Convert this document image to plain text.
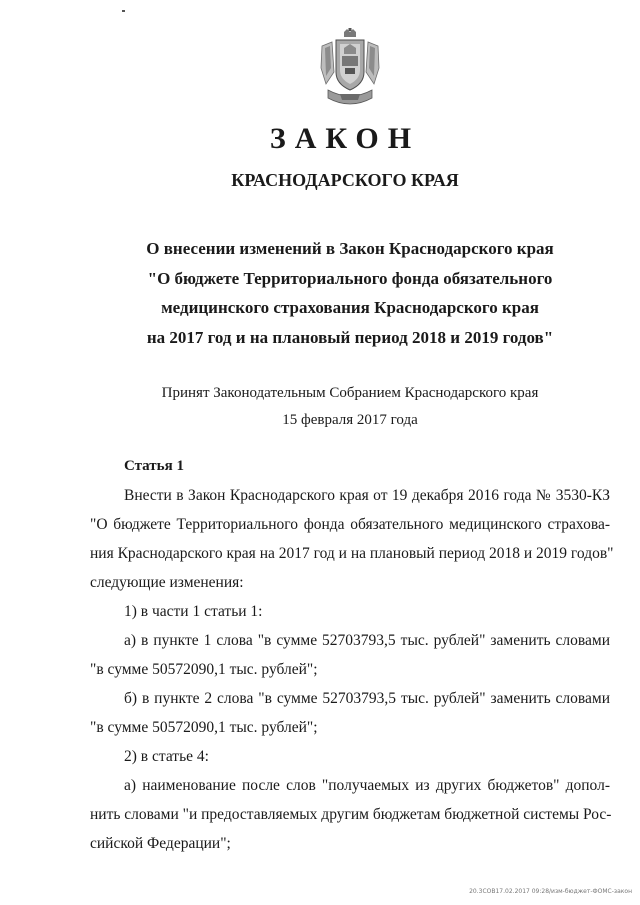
ЗАКОН
КРАСНОДАРСКОГО КРАЯ
О внесении изменений в Закон Краснодарского края
"О бюджете Территориального фонда обязательного
медицинского страхования Краснодарского края
на 2017 год и на плановый период 2018 и 2019 годов"
Принят Законодательным Собранием Краснодарского края
15 февраля 2017 года
Статья 1
Внести в Закон Краснодарского края от 19 декабря 2016 года № 3530-КЗ
"О бюджете Территориального фонда обязательного медицинского страхова-
ния Краснодарского края на 2017 год и на плановый период 2018 и 2019 годов"
следующие изменения:
1) в части 1 статьи 1:
а) в пункте 1 слова "в сумме 52703793,5 тыс. рублей" заменить словами
"в сумме 50572090,1 тыс. рублей";
б) в пункте 2 слова "в сумме 52703793,5 тыс. рублей" заменить словами
"в сумме 50572090,1 тыс. рублей";
2) в статье 4:
а) наименование после слов "получаемых из других бюджетов" допол-
нить словами "и предоставляемых другим бюджетам бюджетной системы Рос-
сийской Федерации";
20.3СОВ17.02.2017 09:28/изм-бюджет-ФОМС-закон
